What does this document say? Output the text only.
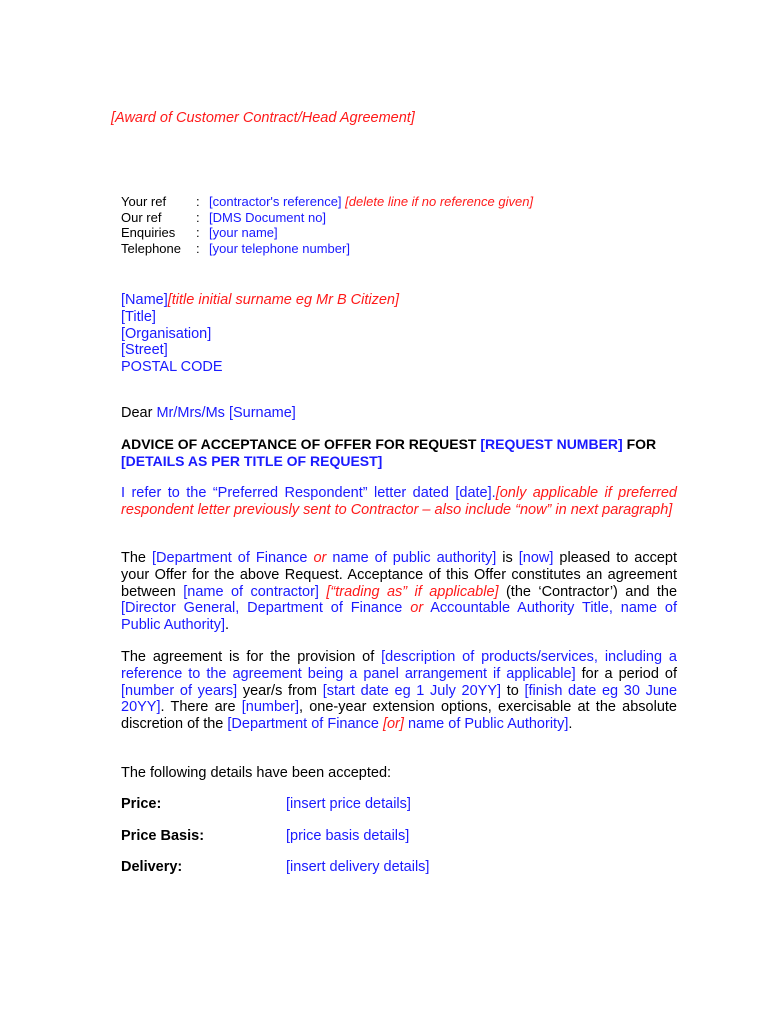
[Award of Customer Contract/Head Agreement]
Your ref	: [contractor's reference]
[delete line if no reference given]
Our ref	: [DMS Document no]
Enquiries	: [your name]
Telephone	: [your telephone number]
[Name][title initial surname eg Mr B Citizen]
[Title]
[Organisation]
[Street]
POSTAL CODE
Dear Mr/Mrs/Ms [Surname]
ADVICE OF ACCEPTANCE OF OFFER FOR REQUEST [REQUEST NUMBER] FOR [DETAILS AS PER TITLE OF REQUEST]
I refer to the “Preferred Respondent” letter dated [date].[only applicable if preferred respondent letter previously sent to Contractor – also include “now” in next paragraph]
The [Department of Finance or name of public authority] is [now] pleased to accept your Offer for the above Request. Acceptance of this Offer constitutes an agreement between [name of contractor] [“trading as” if applicable] (the ‘Contractor’) and the [Director General, Department of Finance or Accountable Authority Title, name of Public Authority].
The agreement is for the provision of [description of products/services, including a reference to the agreement being a panel arrangement if applicable] for a period of [number of years] year/s from [start date eg 1 July 20YY] to [finish date eg 30 June 20YY]. There are [number], one-year extension options, exercisable at the absolute discretion of the [Department of Finance [or] name of Public Authority].
The following details have been accepted:
Price:	[insert price details]
Price Basis:	[price basis details]
Delivery:	[insert delivery details]
